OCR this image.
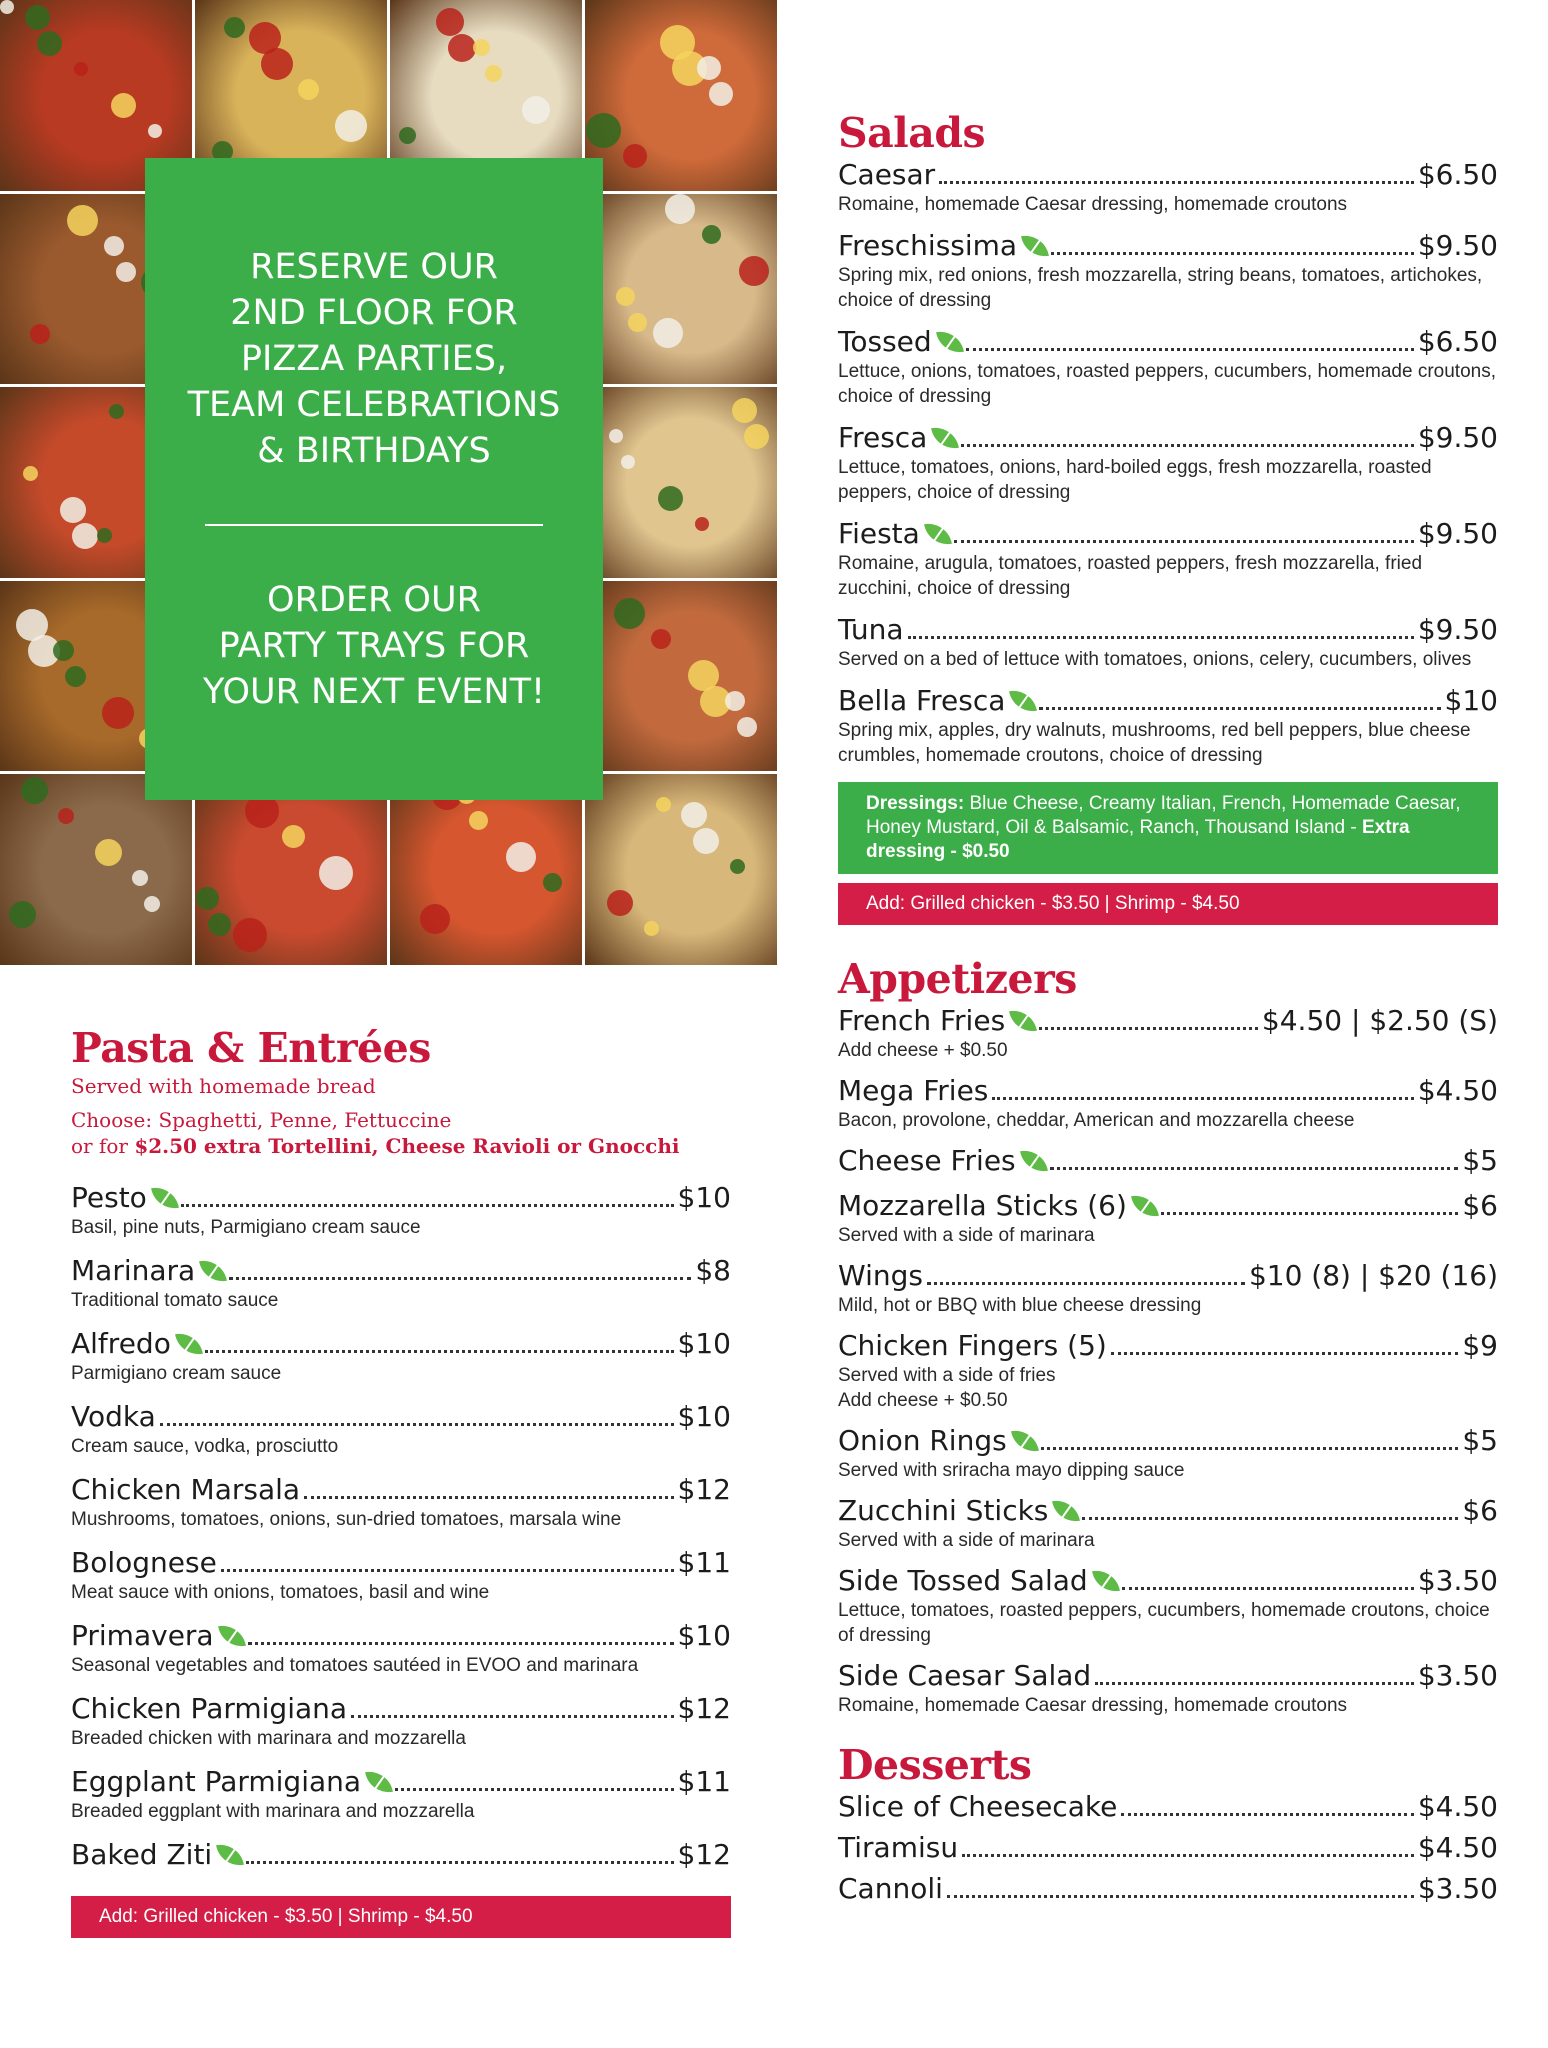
RESERVE OUR

2ND FLOOR FOR

PIZZA PARTIES,

TEAM CELEBRATIONS

& BIRTHDAYS

ORDER OUR

PARTY TRAYS FOR

YOUR NEXT EVENT!

Pasta & Entrées
Served with homemade bread
Choose: Spaghetti, Penne, Fettuccine
or for $2.50 extra Tortellini, Cheese Ravioli or Gnocchi
Pesto	$10
Basil, pine nuts, Parmigiano cream sauce
Marinara	$8
Traditional tomato sauce
Alfredo	$10
Parmigiano cream sauce
Vodka	$10
Cream sauce, vodka, prosciutto
Chicken Marsala	$12
Mushrooms, tomatoes, onions, sun-dried tomatoes, marsala wine
Bolognese	$11
Meat sauce with onions, tomatoes, basil and wine
Primavera	$10
Seasonal vegetables and tomatoes sautéed in EVOO and marinara
Chicken Parmigiana	$12
Breaded chicken with marinara and mozzarella
Eggplant Parmigiana	$11
Breaded eggplant with marinara and mozzarella
Baked Ziti	$12
Add: Grilled chicken - $3.50 | Shrimp - $4.50
Salads
Caesar	$6.50
Romaine, homemade Caesar dressing, homemade croutons
Freschissima	$9.50
Spring mix, red onions, fresh mozzarella, string beans, tomatoes, artichokes, choice of dressing
Tossed	$6.50
Lettuce, onions, tomatoes, roasted peppers, cucumbers, homemade croutons, choice of dressing
Fresca	$9.50
Lettuce, tomatoes, onions, hard-boiled eggs, fresh mozzarella, roasted peppers, choice of dressing
Fiesta	$9.50
Romaine, arugula, tomatoes, roasted peppers, fresh mozzarella, fried zucchini, choice of dressing
Tuna	$9.50
Served on a bed of lettuce with tomatoes, onions, celery, cucumbers, olives
Bella Fresca	$10
Spring mix, apples, dry walnuts, mushrooms, red bell peppers, blue cheese crumbles, homemade croutons, choice of dressing
Dressings: Blue Cheese, Creamy Italian, French, Homemade Caesar, Honey Mustard, Oil & Balsamic, Ranch, Thousand Island - Extra dressing - $0.50
Add: Grilled chicken - $3.50 | Shrimp - $4.50
Appetizers
French Fries	$4.50 | $2.50 (S)
Add cheese + $0.50
Mega Fries	$4.50
Bacon, provolone, cheddar, American and mozzarella cheese
Cheese Fries	$5
Mozzarella Sticks (6)	$6
Served with a side of marinara
Wings	$10 (8) | $20 (16)
Mild, hot or BBQ with blue cheese dressing
Chicken Fingers (5)	$9
Served with a side of fries
Add cheese + $0.50
Onion Rings	$5
Served with sriracha mayo dipping sauce
Zucchini Sticks	$6
Served with a side of marinara
Side Tossed Salad	$3.50
Lettuce, tomatoes, roasted peppers, cucumbers, homemade croutons, choice of dressing
Side Caesar Salad	$3.50
Romaine, homemade Caesar dressing, homemade croutons
Desserts
Slice of Cheesecake	$4.50
Tiramisu	$4.50
Cannoli	$3.50
